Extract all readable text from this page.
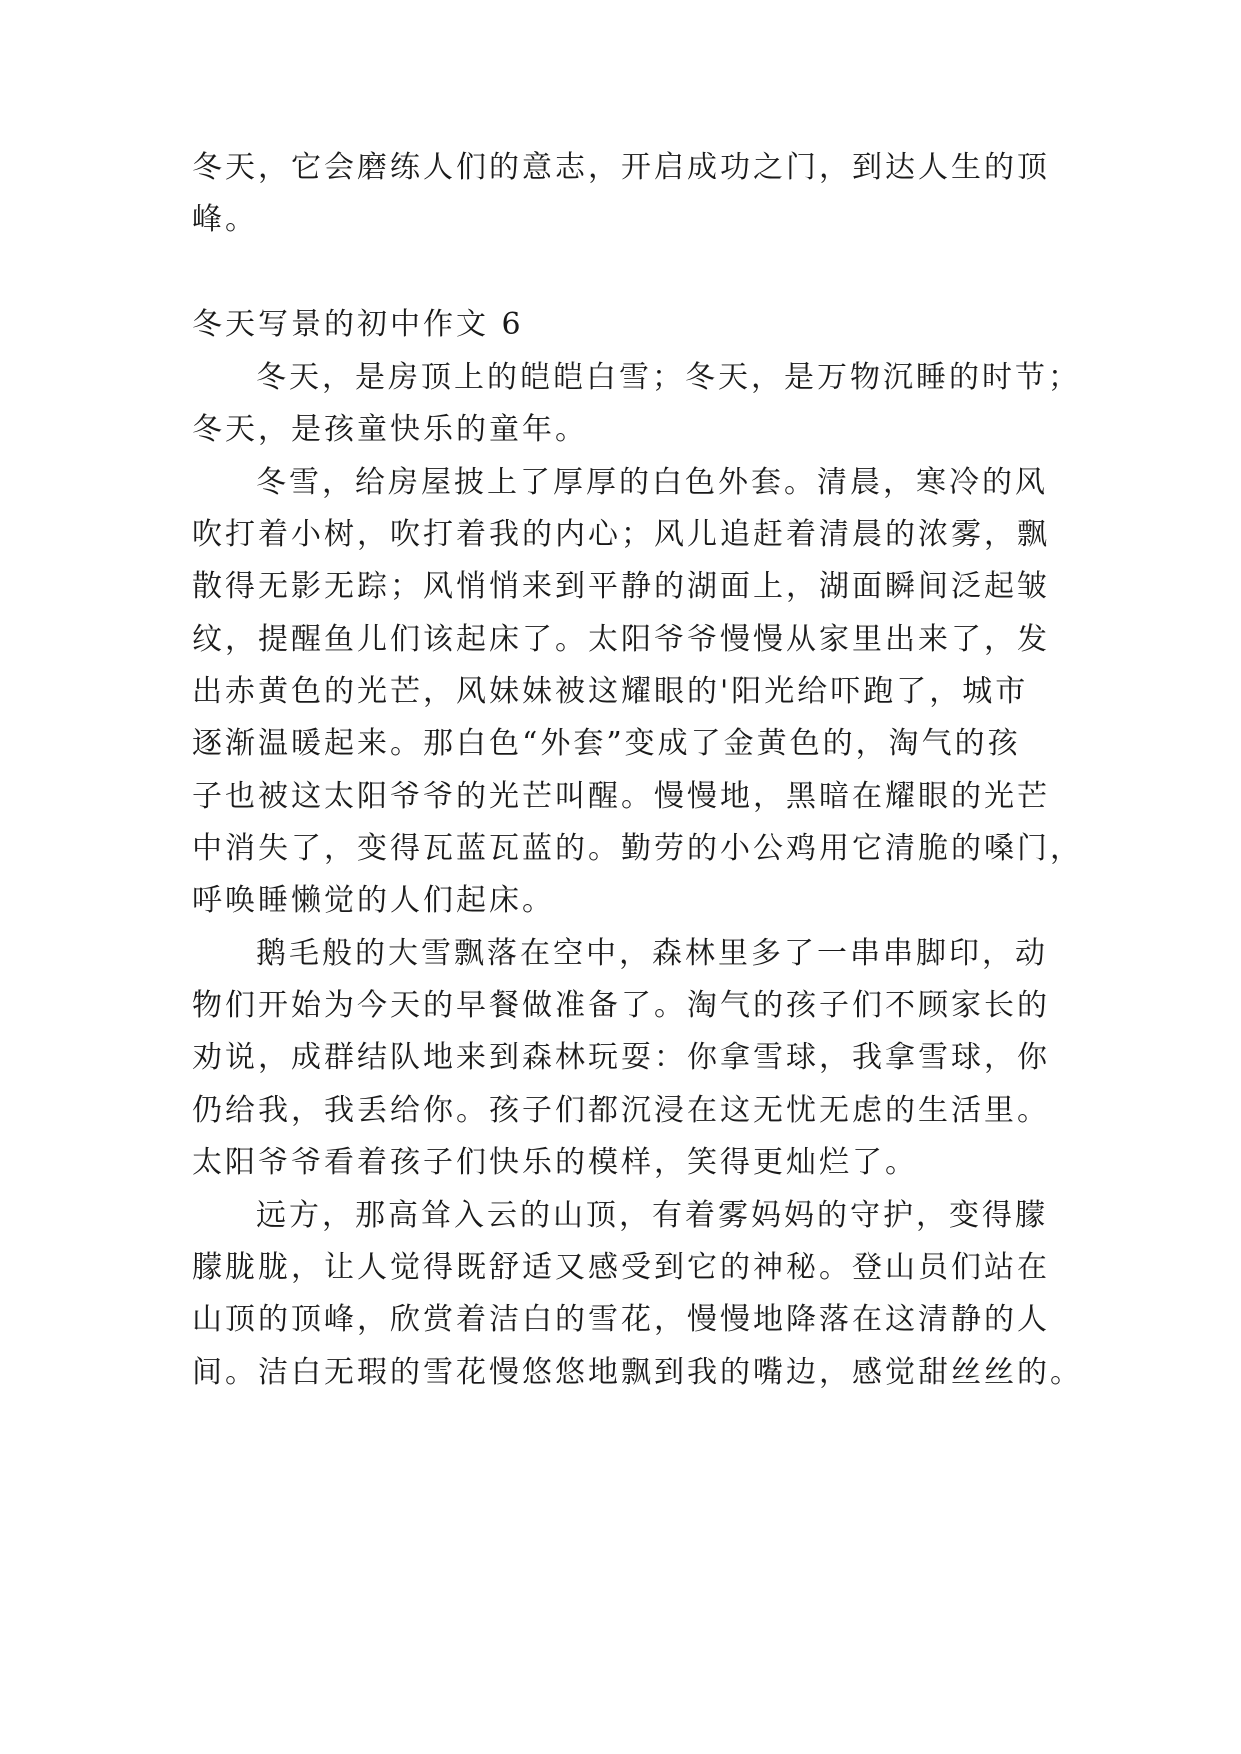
冬天，它会磨练人们的意志，开启成功之门，到达人生的顶
峰。
冬天写景的初中作文 6
冬天，是房顶上的皑皑白雪；冬天，是万物沉睡的时节；
冬天，是孩童快乐的童年。
冬雪，给房屋披上了厚厚的白色外套。清晨，寒冷的风
吹打着小树，吹打着我的内心；风儿追赶着清晨的浓雾，飘
散得无影无踪；风悄悄来到平静的湖面上，湖面瞬间泛起皱
纹，提醒鱼儿们该起床了。太阳爷爷慢慢从家里出来了，发
出赤黄色的光芒，风妹妹被这耀眼的'阳光给吓跑了，城市
逐渐温暖起来。那白色“外套”变成了金黄色的，淘气的孩
子也被这太阳爷爷的光芒叫醒。慢慢地，黑暗在耀眼的光芒
中消失了，变得瓦蓝瓦蓝的。勤劳的小公鸡用它清脆的嗓门，
呼唤睡懒觉的人们起床。
鹅毛般的大雪飘落在空中，森林里多了一串串脚印，动
物们开始为今天的早餐做准备了。淘气的孩子们不顾家长的
劝说，成群结队地来到森林玩耍：你拿雪球，我拿雪球，你
仍给我，我丢给你。孩子们都沉浸在这无忧无虑的生活里。
太阳爷爷看着孩子们快乐的模样，笑得更灿烂了。
远方，那高耸入云的山顶，有着雾妈妈的守护，变得朦
朦胧胧，让人觉得既舒适又感受到它的神秘。登山员们站在
山顶的顶峰，欣赏着洁白的雪花，慢慢地降落在这清静的人
间。洁白无瑕的雪花慢悠悠地飘到我的嘴边，感觉甜丝丝的。
